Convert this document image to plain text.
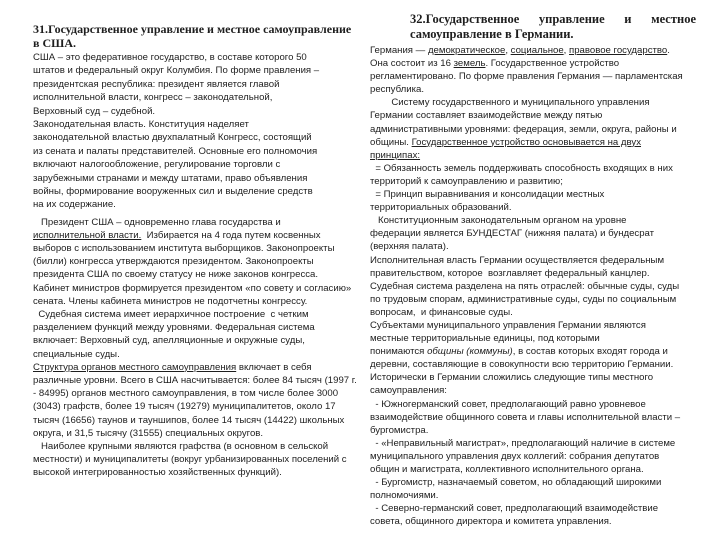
31.Государственное управление и местное самоуправление
в США.
США – это федеративное государство, в составе которого 50
штатов и федеральный округ Колумбия. По форме правления –
президентская республика: президент является главой
исполнительной власти, конгресс – законодательной,
Верховный суд – судебной.
Законодательная власть. Конституция наделяет
законодательной властью двухпалатный Конгресс, состоящий
из сената и палаты представителей. Основные его полномочия
включают налогообложение, регулирование торговли с
зарубежными странами и между штатами, право объявления
войны, формирование вооруженных сил и выделение средств
на их содержание.
Президент США – одновременно глава государства и
исполнительной власти.  Избирается на 4 года путем косвенных
выборов с использованием института выборщиков. Законопроекты
(билли) конгресса утверждаются президентом. Законопроекты
президента США по своему статусу не ниже законов конгресса.
Кабинет министров формируется президентом «по совету и согласию»
сената. Члены кабинета министров не подотчетны конгрессу.
Судебная система имеет иерархичное построение  с четким
разделением функций между уровнями. Федеральная система
включает: Верховный суд, апелляционные и окружные суды,
специальные суды.
Структура органов местного самоуправления включает в себя
различные уровни. Всего в США насчитывается: более 84 тысяч (1997 г.
- 84995) органов местного самоуправления, в том числе более 3000
(3043) графств, более 19 тысяч (19279) муниципалитетов, около 17
тысяч (16656) таунов и тауншипов, более 14 тысяч (14422) школьных
округа, и 31,5 тысячу (31555) специальных округов.
Наиболее крупными являются графства (в основном в сельской
местности) и муниципалитеты (вокруг урбанизированных поселений с
высокой интегрированностью хозяйственных функций).
32.Государственное управление и местное
самоуправление в Германии.
Германия — демократическое, социальное, правовое государство.
Она состоит из 16 земель. Государственное устройство
регламентировано. По форме правления Германия — парламентская
республика.
Систему государственного и муниципального управления
Германии составляет взаимодействие между пятью
административными уровнями: федерация, земли, округа, районы и
общины. Государственное устройство основывается на двух
принципах:
= Обязанность земель поддерживать способность входящих в них
территорий к самоуправлению и развитию;
= Принцип выравнивания и консолидации местных
территориальных образований.
Конституционным законодательным органом на уровне
федерации является БУНДЕСТАГ (нижняя палата) и бундесрат
(верхняя палата).
Исполнительная власть Германии осуществляется федеральным
правительством, которое  возглавляет федеральный канцлер.
Судебная система разделена на пять отраслей: обычные суды, суды
по трудовым спорам, административные суды, суды по социальным
вопросам,  и финансовые суды.
Субъектами муниципального управления Германии являются
местные территориальные единицы, под которыми
понимаются общины (коммуны), в состав которых входят города и
деревни, составляющие в совокупности всю территорию Германии.
Исторически в Германии сложились следующие типы местного
самоуправления:
- Южногерманский совет, предполагающий равно уровневое
взаимодействие общинного совета и главы исполнительной власти –
бургомистра.
- «Неправильный магистрат», предполагающий наличие в системе
муниципального управления двух коллегий: собрания депутатов
общин и магистрата, коллективного исполнительного органа.
- Бургомистр, назначаемый советом, но обладающий широкими
полномочиями.
- Северно-германский совет, предполагающий взаимодействие
совета, общинного директора и комитета управления.
